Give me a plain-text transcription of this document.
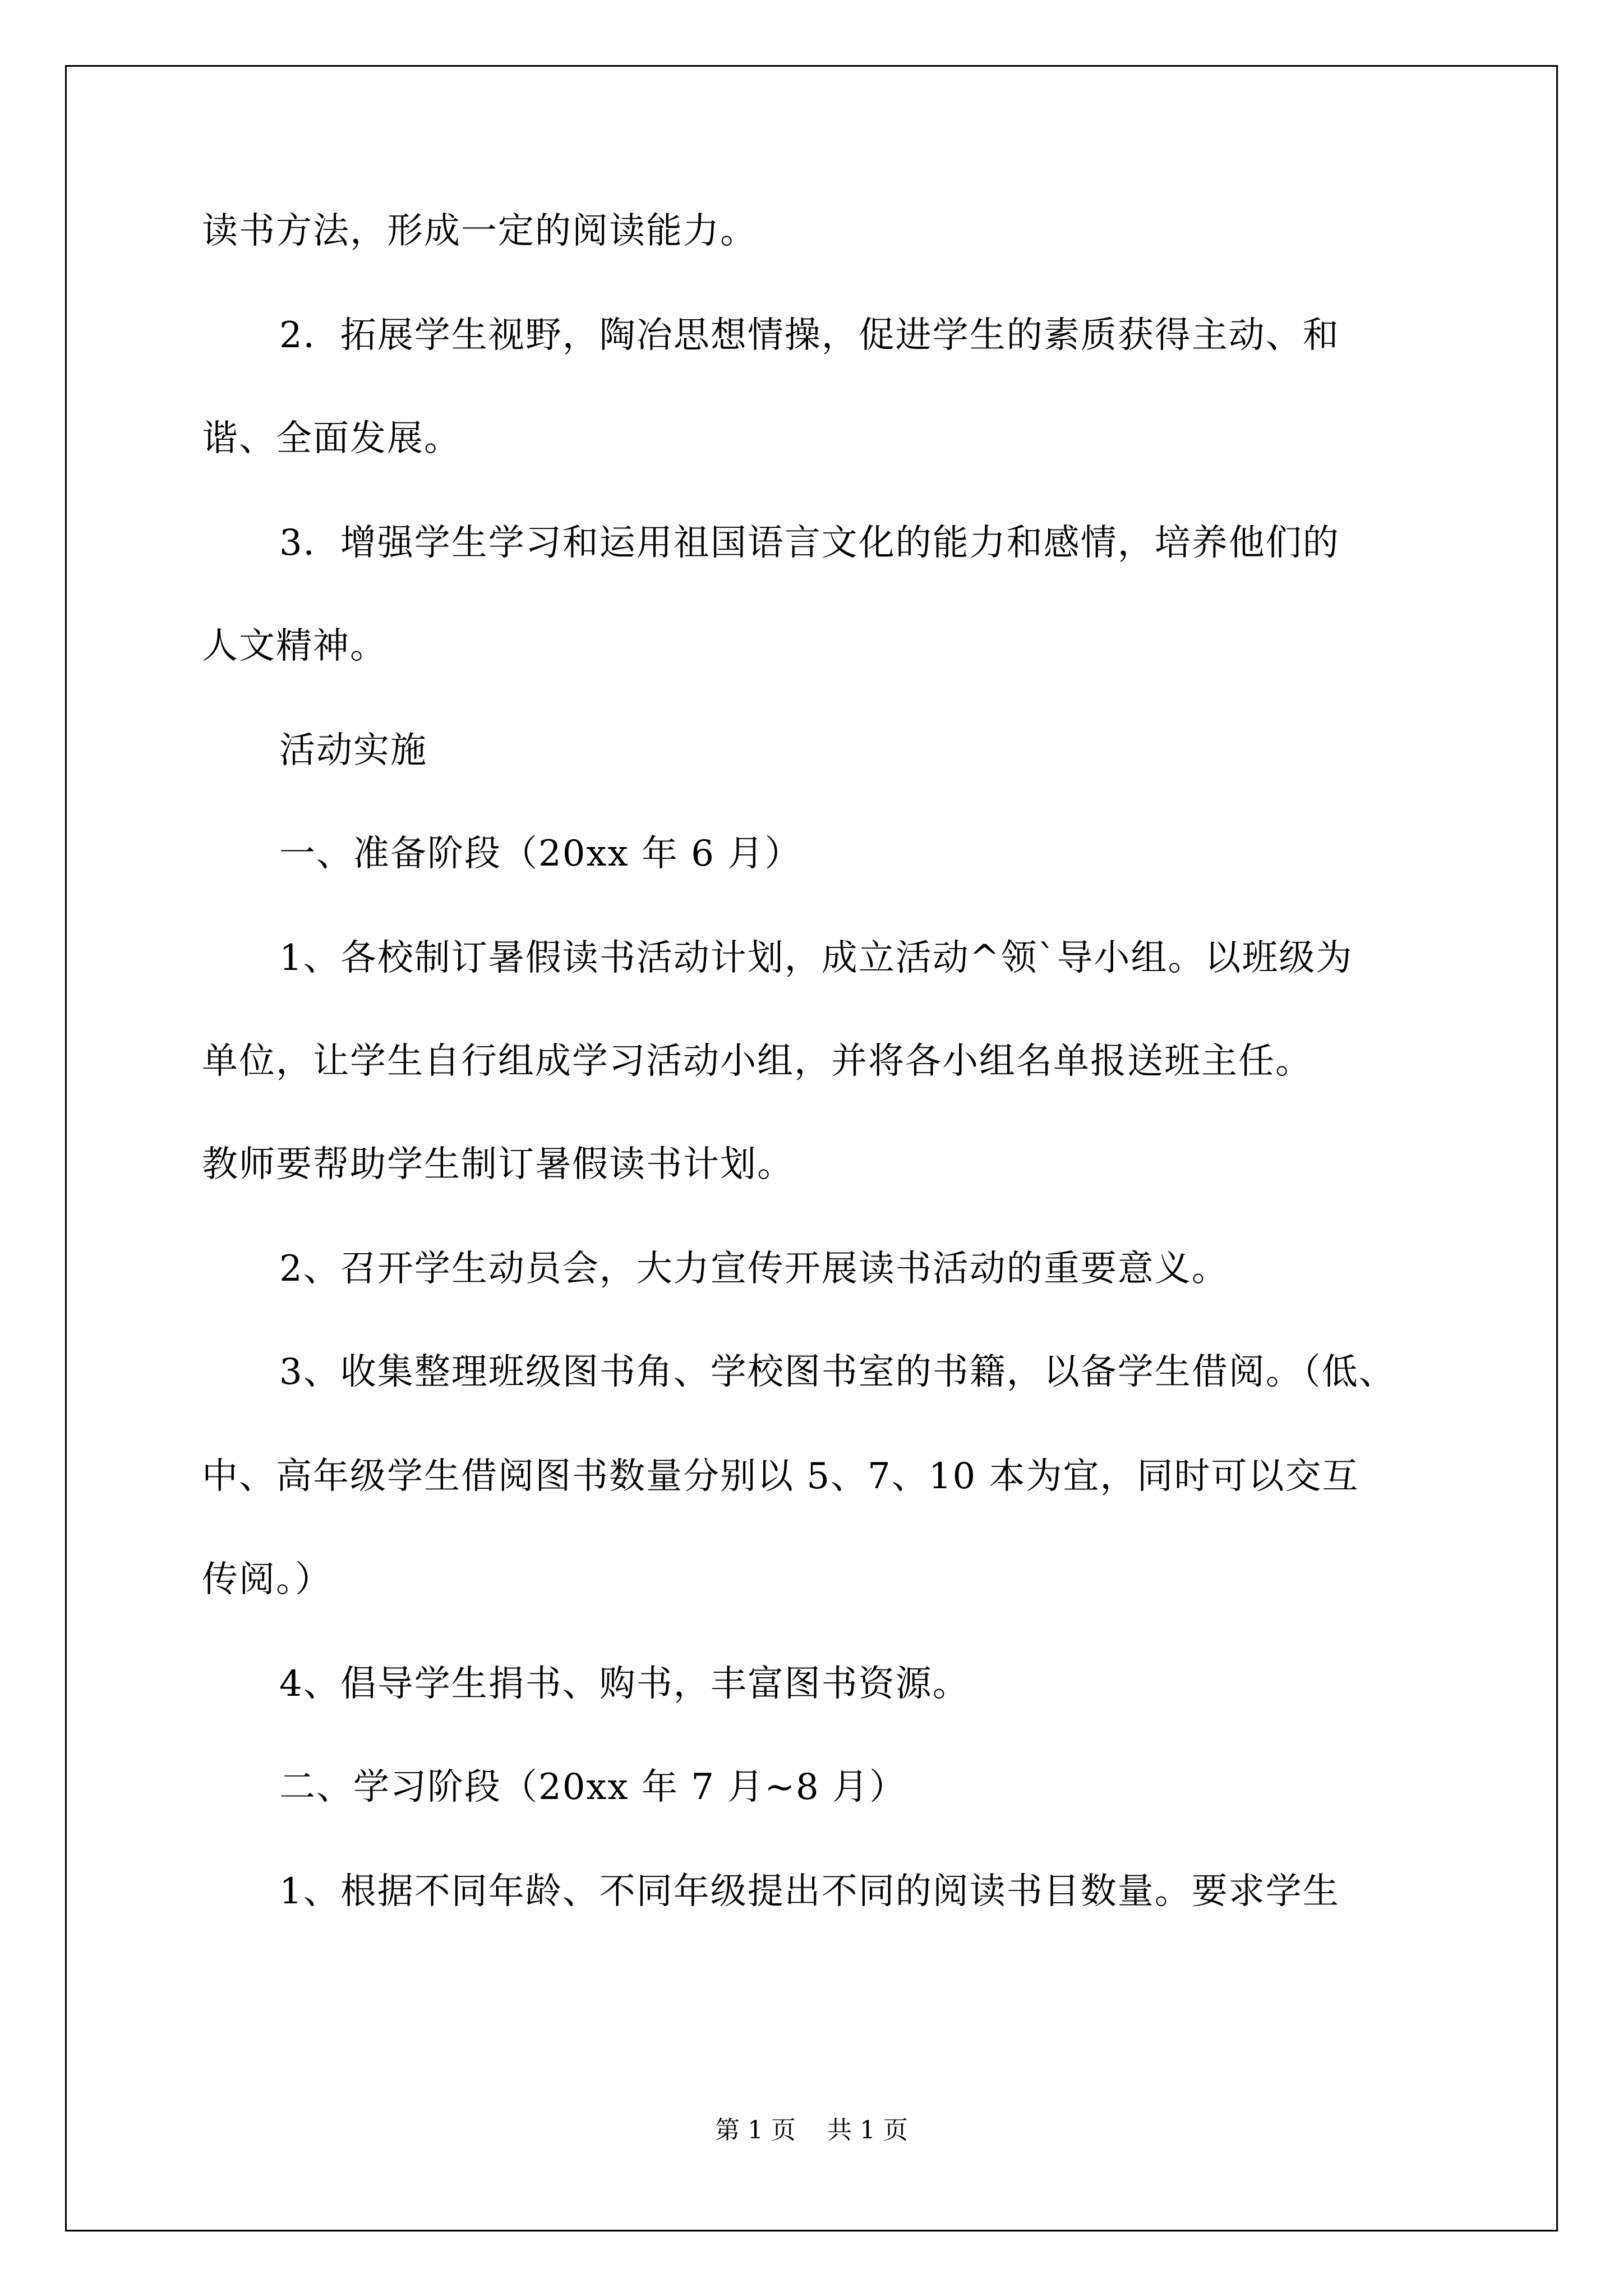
读书方法，形成一定的阅读能力。
2．拓展学生视野，陶冶思想情操，促进学生的素质获得主动、和
谐、全面发展。
3．增强学生学习和运用祖国语言文化的能力和感情，培养他们的
人文精神。
活动实施
一、准备阶段（20xx 年 6 月）
1、各校制订暑假读书活动计划，成立活动^领`导小组。以班级为
单位，让学生自行组成学习活动小组，并将各小组名单报送班主任。
教师要帮助学生制订暑假读书计划。
2、召开学生动员会，大力宣传开展读书活动的重要意义。
3、收集整理班级图书角、学校图书室的书籍，以备学生借阅。（低、
中、高年级学生借阅图书数量分别以 5、7、10 本为宜，同时可以交互
传阅。）
4、倡导学生捐书、购书，丰富图书资源。
二、学习阶段（20xx 年 7 月~8 月）
1、根据不同年龄、不同年级提出不同的阅读书目数量。要求学生
第 1 页    共 1 页
